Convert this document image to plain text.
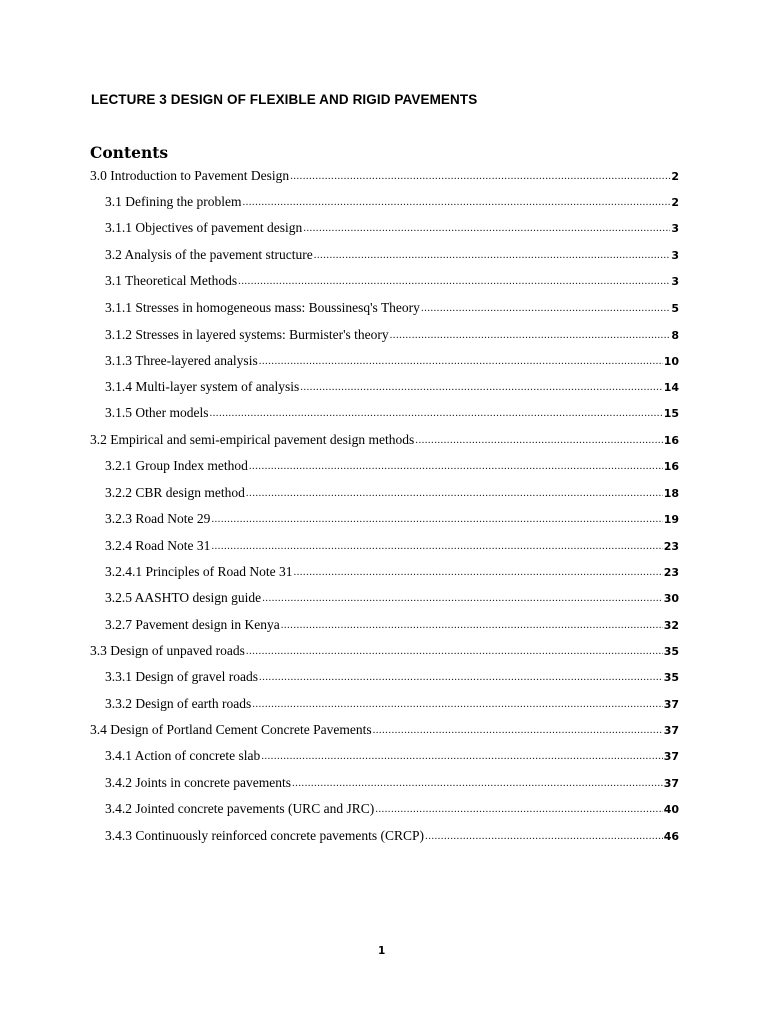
LECTURE 3 DESIGN OF FLEXIBLE AND RIGID PAVEMENTS
Contents
3.0 Introduction to Pavement Design .....	2
3.1 Defining the problem .....	2
3.1.1 Objectives of pavement design .....	3
3.2 Analysis of the pavement structure .....	3
3.1 Theoretical Methods .....	3
3.1.1 Stresses in homogeneous mass: Boussinesq's Theory .....	5
3.1.2 Stresses in layered systems: Burmister's theory .....	8
3.1.3 Three-layered analysis .....	10
3.1.4 Multi-layer system of analysis .....	14
3.1.5 Other models .....	15
3.2 Empirical and semi-empirical pavement design methods .....	16
3.2.1 Group Index method .....	16
3.2.2 CBR design method .....	18
3.2.3 Road Note 29 .....	19
3.2.4 Road Note 31 .....	23
3.2.4.1 Principles of Road Note 31 .....	23
3.2.5 AASHTO design guide .....	30
3.2.7 Pavement design in Kenya .....	32
3.3 Design of unpaved roads .....	35
3.3.1 Design of gravel roads .....	35
3.3.2 Design of earth roads .....	37
3.4 Design of Portland Cement Concrete Pavements .....	37
3.4.1 Action of concrete slab .....	37
3.4.2 Joints in concrete pavements .....	37
3.4.2 Jointed concrete pavements (URC and JRC) .....	40
3.4.3 Continuously reinforced concrete pavements (CRCP) .....	46
1
